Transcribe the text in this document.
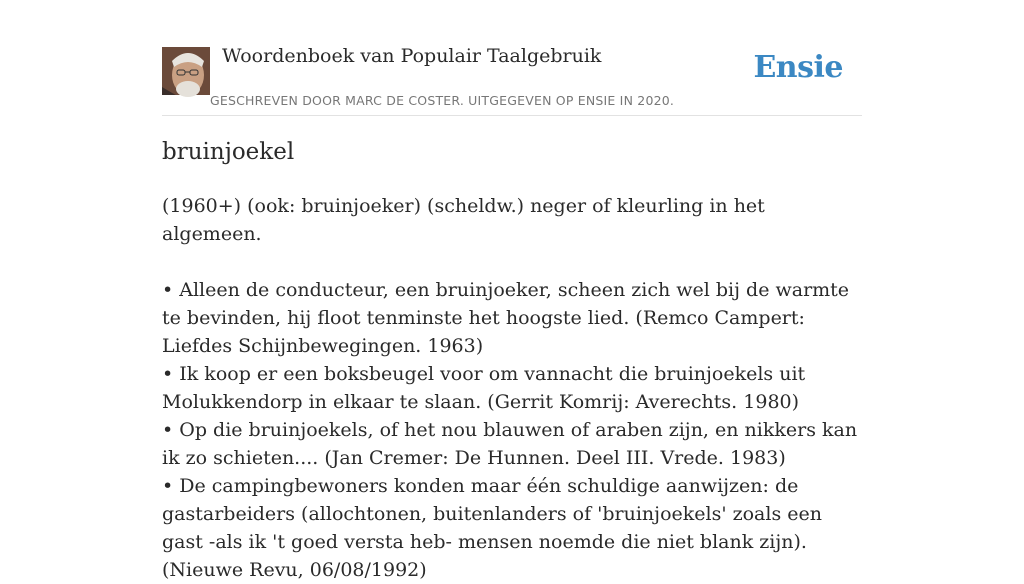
Woordenboek van Populair Taalgebruik
GESCHREVEN DOOR MARC DE COSTER. UITGEGEVEN OP ENSIE IN 2020.
Ensie
bruinjoekel

(1960+) (ook: bruinjoeker) (scheldw.) neger of kleurling in het algemeen.

• Alleen de conducteur, een bruinjoeker, scheen zich wel bij de warmte te bevinden, hij floot tenminste het hoogste lied. (Remco Campert: Liefdes Schijnbewegingen. 1963)

• Ik koop er een boksbeugel voor om vannacht die bruinjoekels uit Molukkendorp in elkaar te slaan. (Gerrit Komrij: Averechts. 1980)

• Op die bruinjoekels, of het nou blauwen of araben zijn, en nikkers kan ik zo schieten.... (Jan Cremer: De Hunnen. Deel III. Vrede. 1983)

• De campingbewoners konden maar één schuldige aanwijzen: de gastarbeiders (allochtonen, buitenlanders of 'bruinjoekels' zoals een gast -als ik 't goed versta heb- mensen noemde die niet blank zijn). (Nieuwe Revu, 06/08/1992)
